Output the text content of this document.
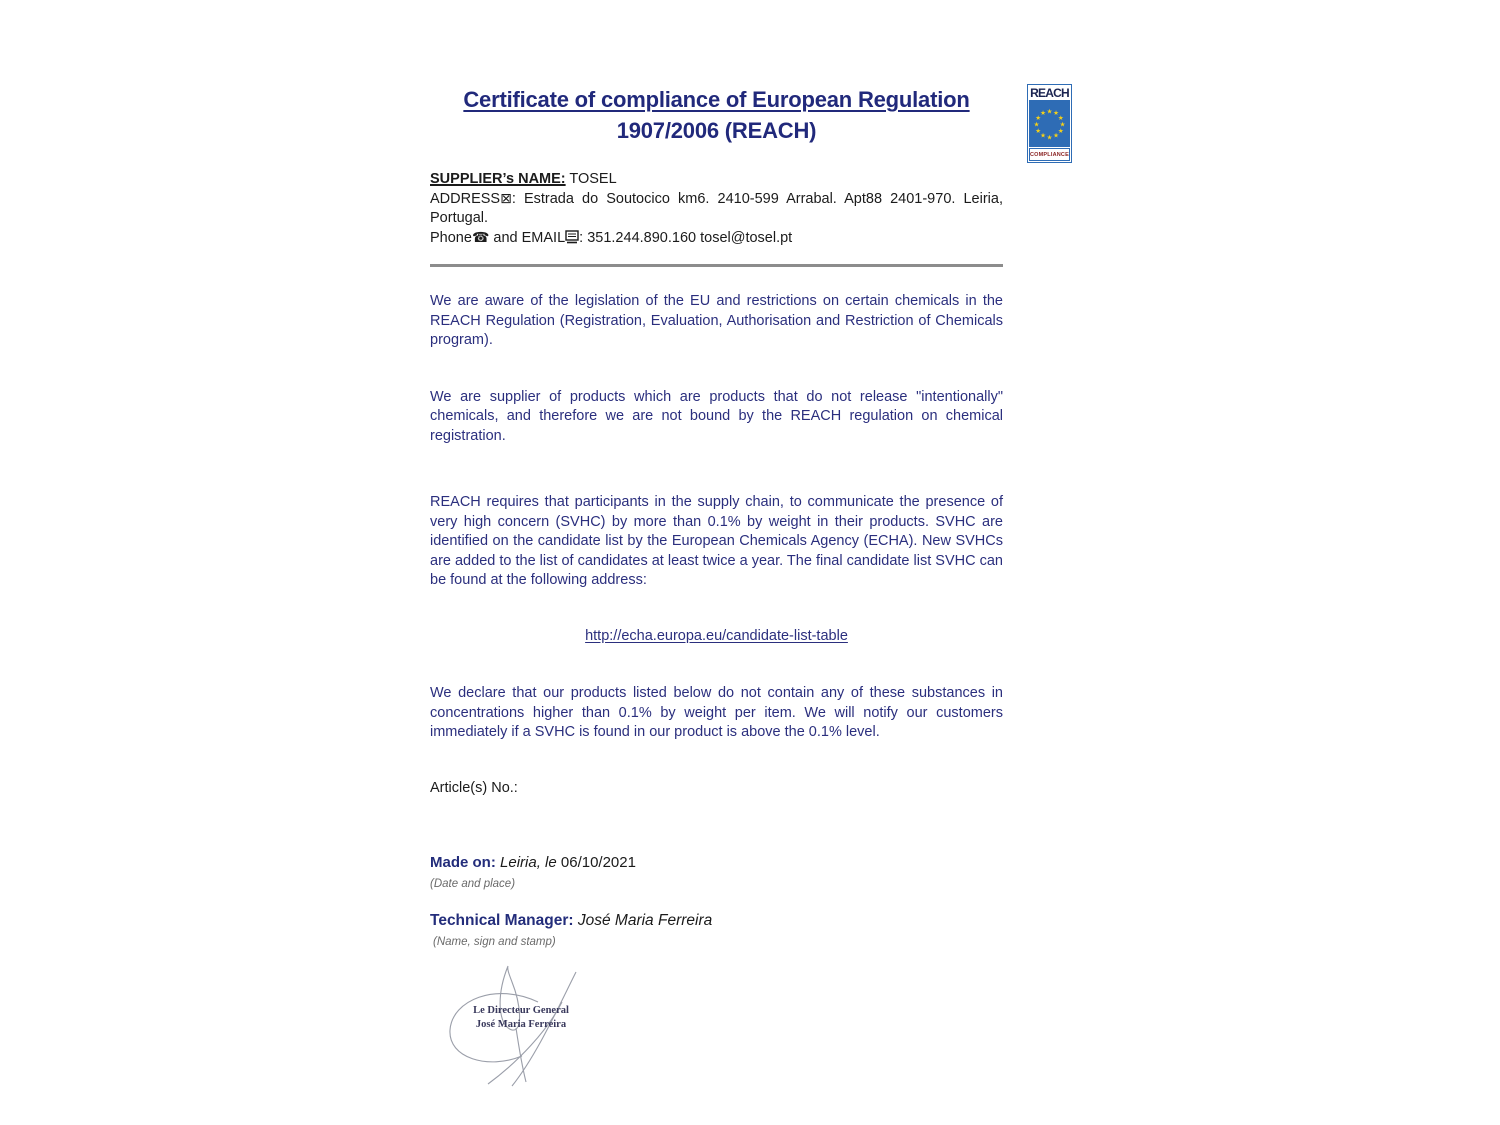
Certificate of compliance of European Regulation
1907/2006 (REACH)

SUPPLIER’s NAME: TOSEL

ADDRESS⊠: Estrada do Soutocico km6. 2410-599 Arrabal. Apt88 2401-970. Leiria, Portugal.

Phone☎ and EMAIL : 351.244.890.160 tosel@tosel.pt

We are aware of the legislation of the EU and restrictions on certain chemicals in the REACH Regulation (Registration, Evaluation, Authorisation and Restriction of Chemicals program).

We are supplier of products which are products that do not release "intentionally" chemicals, and therefore we are not bound by the REACH regulation on chemical registration.

REACH requires that participants in the supply chain, to communicate the presence of very high concern (SVHC) by more than 0.1% by weight in their products. SVHC are identified on the candidate list by the European Chemicals Agency (ECHA). New SVHCs are added to the list of candidates at least twice a year. The final candidate list SVHC can be found at the following address:

http://echa.europa.eu/candidate-list-table

We declare that our products listed below do not contain any of these substances in concentrations higher than 0.1% by weight per item. We will notify our customers immediately if a SVHC is found in our product is above the 0.1% level.

Article(s) No.:

Made on: Leiria, le 06/10/2021
(Date and place)
Technical Manager: José Maria Ferreira
(Name, sign and stamp)
Le Directeur General
José Maria Ferreira
REACH
★ ★
★
★
★
★
★
★
★
★
★
★
COMPLIANCE
